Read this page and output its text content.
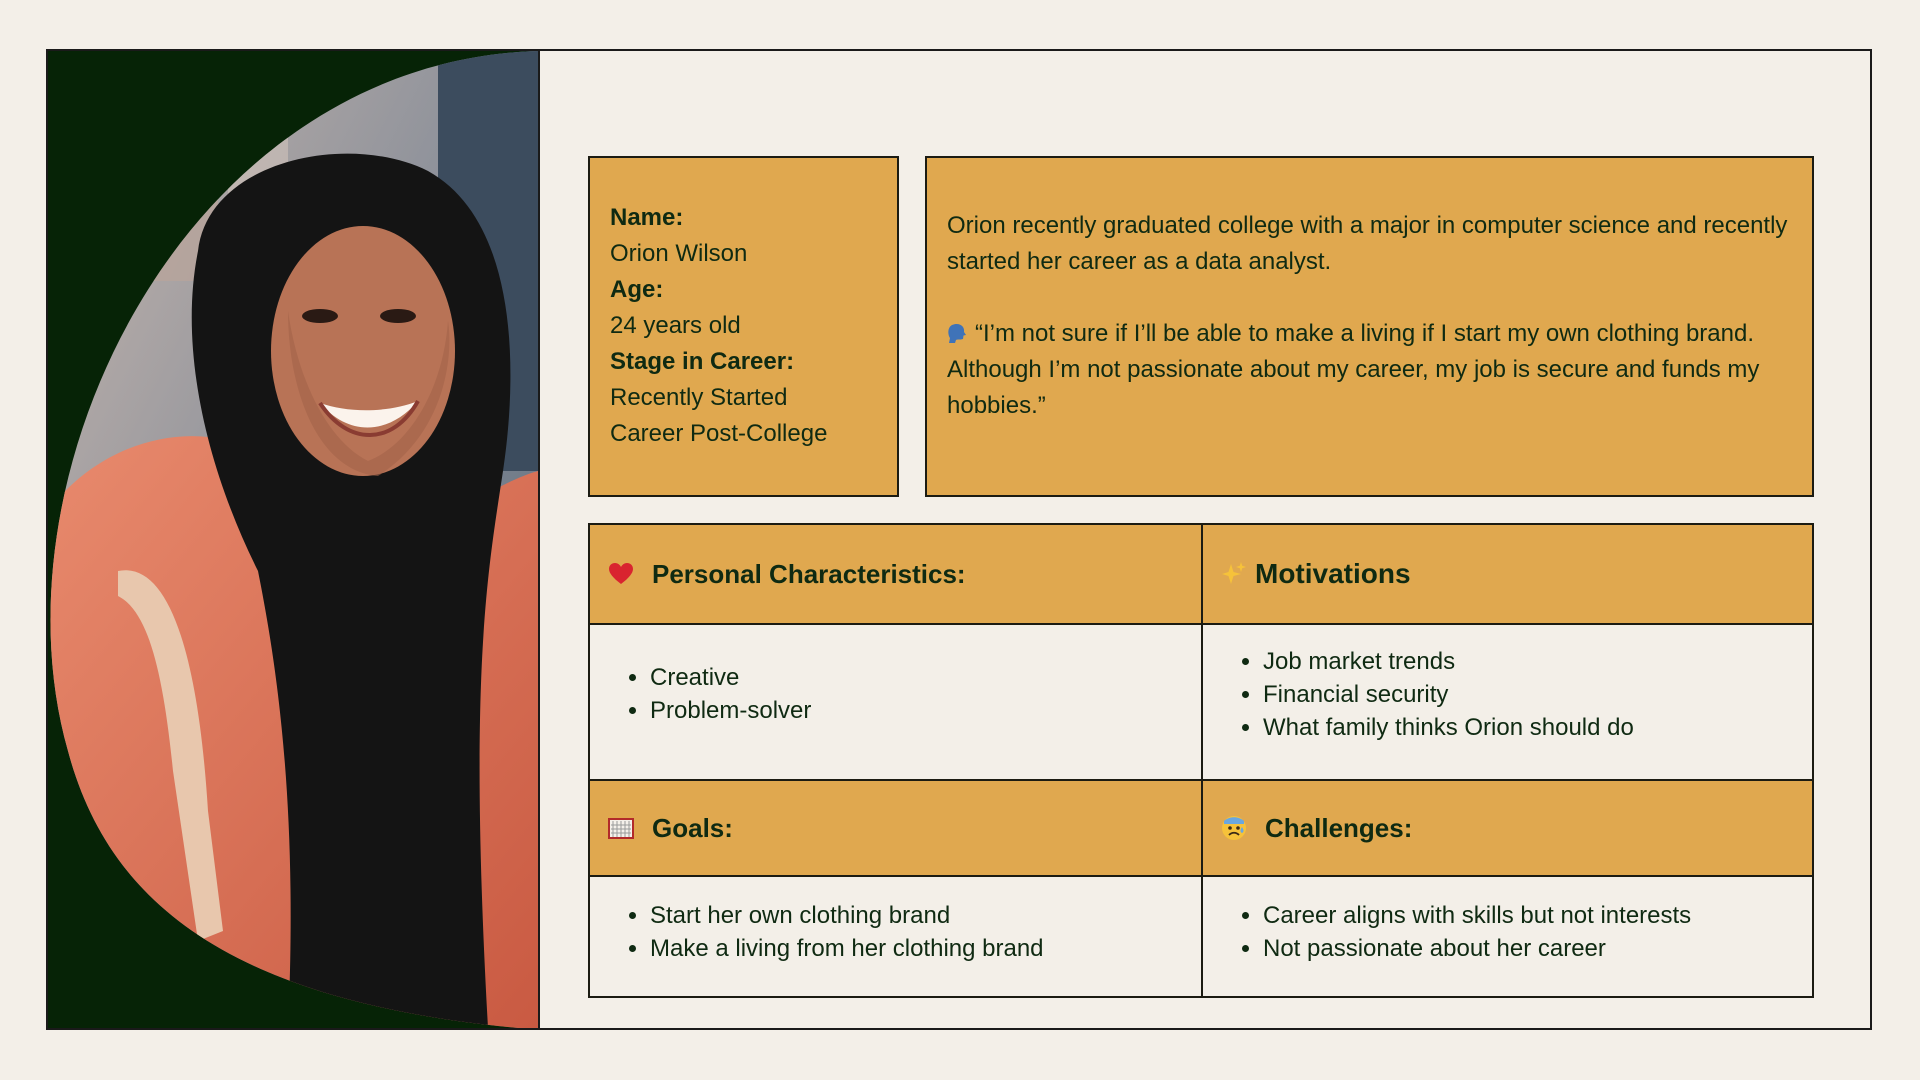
Name:
Orion Wilson
Age:
24 years old
Stage in Career:
Recently Started Career Post-College

Orion recently graduated college with a major in computer science and recently started her career as a data analyst.

“I’m not sure if I’ll be able to make a living if I start my own clothing brand. Although I’m not passionate about my career, my job is secure and funds my hobbies.”

Personal Characteristics:	Motivations
• Creative
• Problem-solver
• Job market trends
• Financial security
• What family thinks Orion should do
Goals:	Challenges:
• Start her own clothing brand
• Make a living from her clothing brand
• Career aligns with skills but not interests
• Not passionate about her career
